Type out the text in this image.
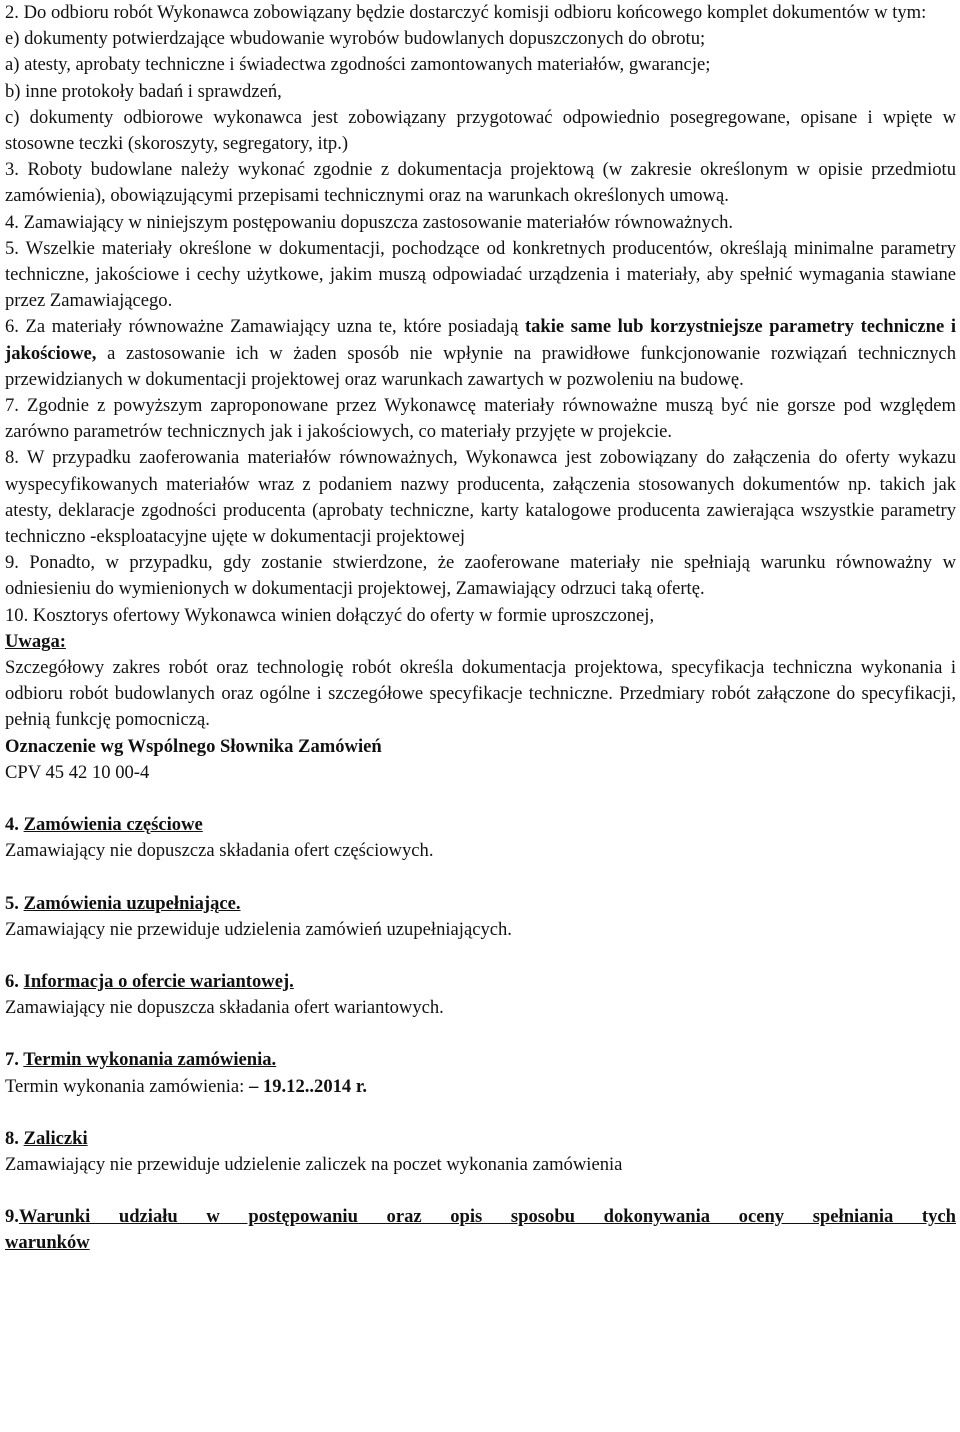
2. Do odbioru robót Wykonawca zobowiązany będzie dostarczyć komisji odbioru końcowego komplet dokumentów w tym:

e) dokumenty potwierdzające wbudowanie wyrobów budowlanych dopuszczonych do obrotu;

a) atesty, aprobaty techniczne i świadectwa zgodności zamontowanych materiałów, gwarancje;

b) inne protokoły badań i sprawdzeń,

c) dokumenty odbiorowe wykonawca jest zobowiązany przygotować odpowiednio posegregowane, opisane i wpięte w stosowne teczki (skoroszyty, segregatory, itp.)

3. Roboty budowlane należy wykonać zgodnie z dokumentacja projektową (w zakresie określonym w opisie przedmiotu zamówienia), obowiązującymi przepisami technicznymi oraz na warunkach określonych umową.

4. Zamawiający w niniejszym postępowaniu dopuszcza zastosowanie materiałów równoważnych.

5. Wszelkie materiały określone w dokumentacji, pochodzące od konkretnych producentów, określają minimalne parametry techniczne, jakościowe i cechy użytkowe, jakim muszą odpowiadać urządzenia i materiały, aby spełnić wymagania stawiane przez Zamawiającego.

6. Za materiały równoważne Zamawiający uzna te, które posiadają takie same lub korzystniejsze parametry techniczne i jakościowe, a zastosowanie ich w żaden sposób nie wpłynie na prawidłowe funkcjonowanie rozwiązań technicznych przewidzianych w dokumentacji projektowej oraz warunkach zawartych w pozwoleniu na budowę.

7. Zgodnie z powyższym zaproponowane przez Wykonawcę materiały równoważne muszą być nie gorsze pod względem zarówno parametrów technicznych jak i jakościowych, co materiały przyjęte w projekcie.

8. W przypadku zaoferowania materiałów równoważnych, Wykonawca jest zobowiązany do załączenia do oferty wykazu wyspecyfikowanych materiałów wraz z podaniem nazwy producenta, załączenia stosowanych dokumentów np. takich jak atesty, deklaracje zgodności producenta (aprobaty techniczne, karty katalogowe producenta zawierająca wszystkie parametry techniczno -eksploatacyjne ujęte w dokumentacji projektowej

9. Ponadto, w przypadku, gdy zostanie stwierdzone, że zaoferowane materiały nie spełniają warunku równoważny w odniesieniu do wymienionych w dokumentacji projektowej, Zamawiający odrzuci taką ofertę.

10. Kosztorys ofertowy Wykonawca winien dołączyć do oferty w formie uproszczonej,

Uwaga:

Szczegółowy zakres robót oraz technologię robót określa dokumentacja projektowa, specyfikacja techniczna wykonania i odbioru robót budowlanych oraz ogólne i szczegółowe specyfikacje techniczne. Przedmiary robót załączone do specyfikacji, pełnią funkcję pomocniczą.

Oznaczenie wg Wspólnego Słownika Zamówień

CPV 45 42 10 00-4

4. Zamówienia częściowe

Zamawiający nie dopuszcza składania ofert częściowych.

5. Zamówienia uzupełniające.

Zamawiający nie przewiduje udzielenia zamówień uzupełniających.

6. Informacja o ofercie wariantowej.

Zamawiający nie dopuszcza składania ofert wariantowych.

7. Termin wykonania zamówienia.

Termin wykonania zamówienia: – 19.12..2014 r.

8. Zaliczki

Zamawiający nie przewiduje udzielenie zaliczek na poczet wykonania zamówienia

9.Warunki udziału w postępowaniu oraz opis sposobu dokonywania oceny spełniania tych

warunków
